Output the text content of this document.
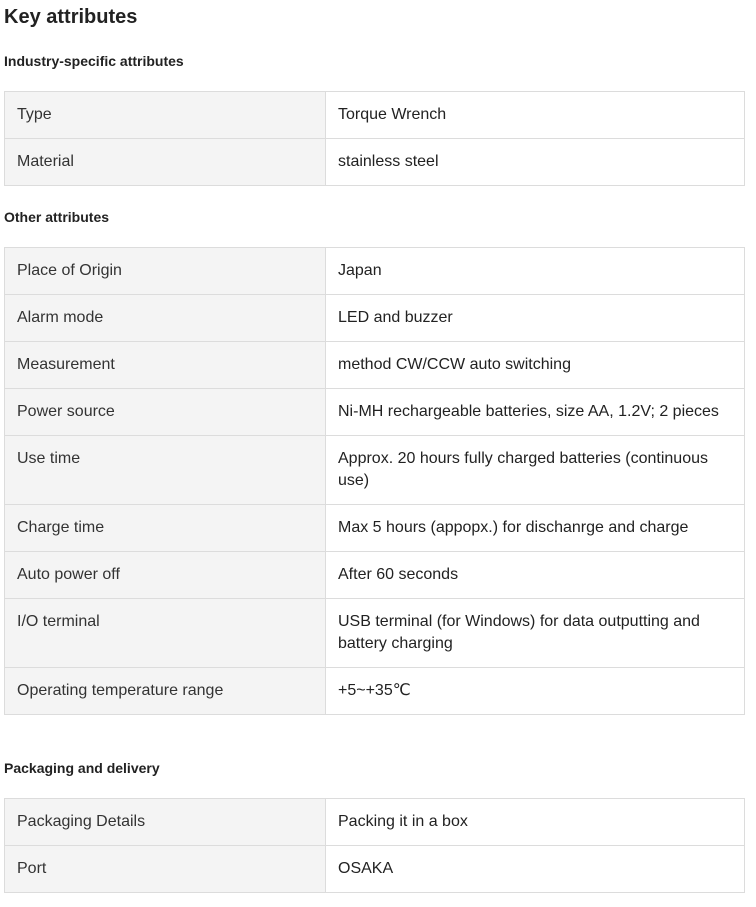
Key attributes
Industry-specific attributes
Type	Torque Wrench
Material	stainless steel
Other attributes
Place of Origin	Japan
Alarm mode	LED and buzzer
Measurement	method CW/CCW auto switching
Power source	Ni-MH rechargeable batteries, size AA, 1.2V; 2 pieces
Use time	Approx. 20 hours fully charged batteries (continuous use)
Charge time	Max 5 hours (appopx.) for dischanrge and charge
Auto power off	After 60 seconds
I/O terminal	USB terminal (for Windows) for data outputting and battery charging
Operating temperature range	+5~+35℃
Packaging and delivery
Packaging Details	Packing it in a box
Port	OSAKA
